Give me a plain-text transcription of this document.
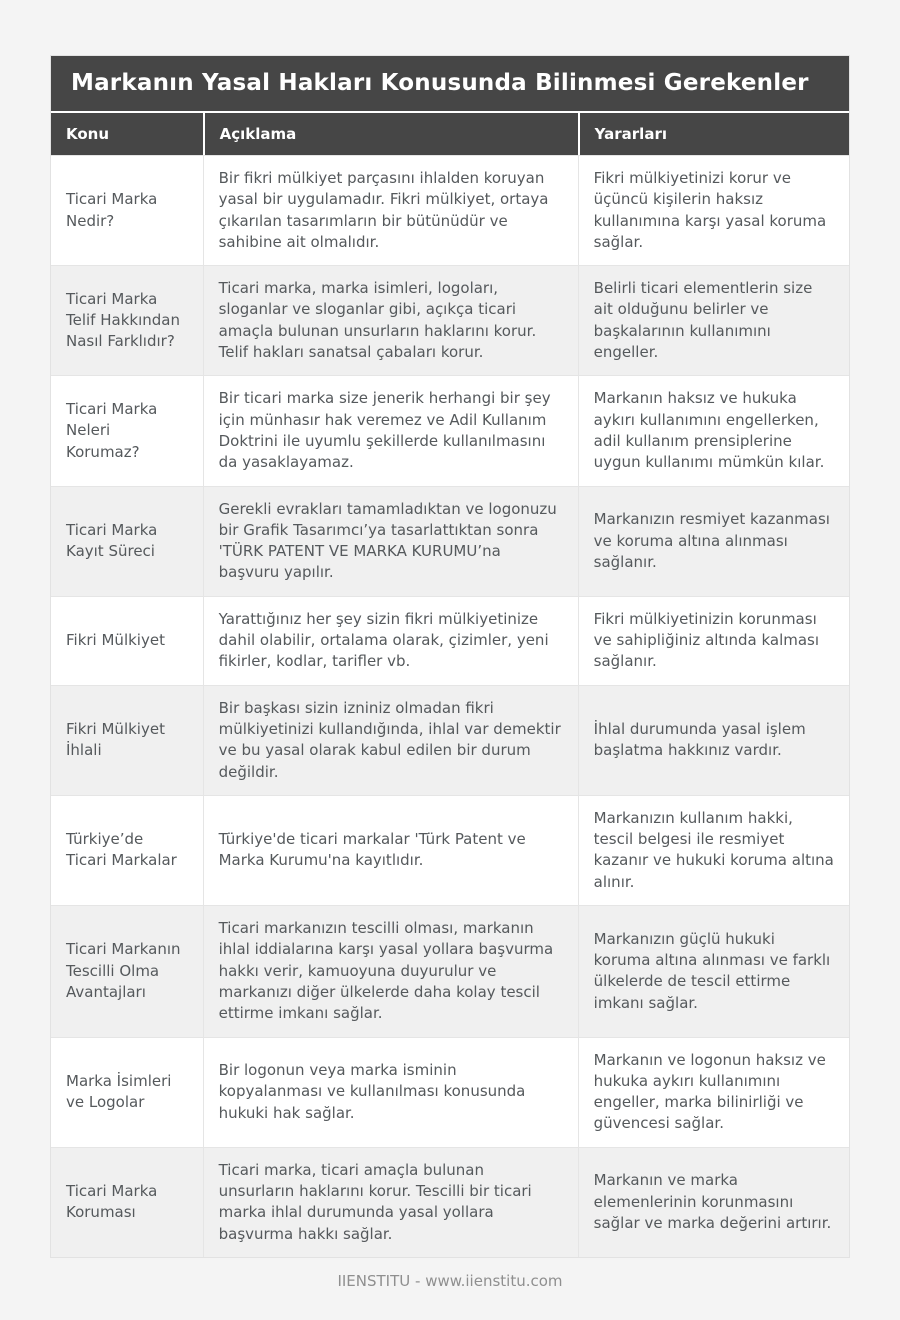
Markanın Yasal Hakları Konusunda Bilinmesi Gerekenler
Konu	Açıklama	Yararları
Ticari Marka Nedir?
Bir fikri mülkiyet parçasını ihlalden koruyan yasal bir uygulamadır. Fikri mülkiyet, ortaya çıkarılan tasarımların bir bütünüdür ve sahibine ait olmalıdır.
Fikri mülkiyetinizi korur ve üçüncü kişilerin haksız kullanımına karşı yasal koruma sağlar.
Ticari Marka Telif Hakkından Nasıl Farklıdır?
Ticari marka, marka isimleri, logoları, sloganlar ve sloganlar gibi, açıkça ticari amaçla bulunan unsurların haklarını korur. Telif hakları sanatsal çabaları korur.
Belirli ticari elementlerin size ait olduğunu belirler ve başkalarının kullanımını engeller.
Ticari Marka Neleri Korumaz?
Bir ticari marka size jenerik herhangi bir şey için münhasır hak veremez ve Adil Kullanım Doktrini ile uyumlu şekillerde kullanılmasını da yasaklayamaz.
Markanın haksız ve hukuka aykırı kullanımını engellerken, adil kullanım prensiplerine uygun kullanımı mümkün kılar.
Ticari Marka Kayıt Süreci
Gerekli evrakları tamamladıktan ve logonuzu bir Grafik Tasarımcı’ya tasarlattıktan sonra 'TÜRK PATENT VE MARKA KURUMU’na başvuru yapılır.
Markanızın resmiyet kazanması ve koruma altına alınması sağlanır.
Fikri Mülkiyet
Yarattığınız her şey sizin fikri mülkiyetinize dahil olabilir, ortalama olarak, çizimler, yeni fikirler, kodlar, tarifler vb.
Fikri mülkiyetinizin korunması ve sahipliğiniz altında kalması sağlanır.
Fikri Mülkiyet İhlali
Bir başkası sizin izniniz olmadan fikri mülkiyetinizi kullandığında, ihlal var demektir ve bu yasal olarak kabul edilen bir durum değildir.
İhlal durumunda yasal işlem başlatma hakkınız vardır.
Türkiye’de Ticari Markalar
Türkiye'de ticari markalar 'Türk Patent ve Marka Kurumu'na kayıtlıdır.
Markanızın kullanım hakki, tescil belgesi ile resmiyet kazanır ve hukuki koruma altına alınır.
Ticari Markanın Tescilli Olma Avantajları
Ticari markanızın tescilli olması, markanın ihlal iddialarına karşı yasal yollara başvurma hakkı verir, kamuoyuna duyurulur ve markanızı diğer ülkelerde daha kolay tescil ettirme imkanı sağlar.
Markanızın güçlü hukuki koruma altına alınması ve farklı ülkelerde de tescil ettirme imkanı sağlar.
Marka İsimleri ve Logolar
Bir logonun veya marka isminin kopyalanması ve kullanılması konusunda hukuki hak sağlar.
Markanın ve logonun haksız ve hukuka aykırı kullanımını engeller, marka bilinirliği ve güvencesi sağlar.
Ticari Marka Koruması
Ticari marka, ticari amaçla bulunan unsurların haklarını korur. Tescilli bir ticari marka ihlal durumunda yasal yollara başvurma hakkı sağlar.
Markanın ve marka elemenlerinin korunmasını sağlar ve marka değerini artırır.
IIENSTITU - www.iienstitu.com
